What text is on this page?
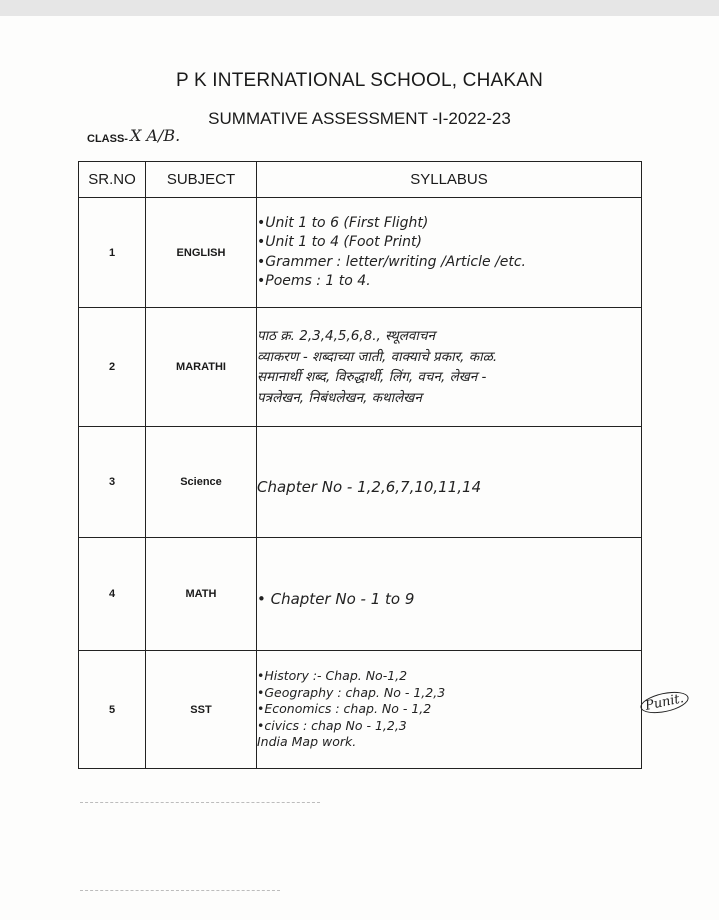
P K INTERNATIONAL SCHOOL, CHAKAN
SUMMATIVE ASSESSMENT -I-2022-23
CLASS- X A/B.
SR.NO	SUBJECT	SYLLABUS
1	ENGLISH	•Unit 1 to 6 (First Flight)
•Unit 1 to 4 (Foot Print)
•Grammer : letter/writing /Article /etc.
•Poems : 1 to 4.

2	MARATHI	पाठ क्र. 2,3,4,5,6,8., स्थूलवाचन
व्याकरण - शब्दाच्या जाती, वाक्याचे प्रकार, काळ.
समानार्थी शब्द, विरुद्धार्थी, लिंग, वचन, लेखन -
पत्रलेखन, निबंधलेखन, कथालेखन

3	Science	Chapter No - 1,2,6,7,10,11,14

4	MATH	• Chapter No - 1 to 9

5	SST	•History :- Chap. No-1,2
•Geography : chap. No - 1,2,3
•Economics : chap. No - 1,2
•civics : chap No - 1,2,3
India Map work.
Punit.
